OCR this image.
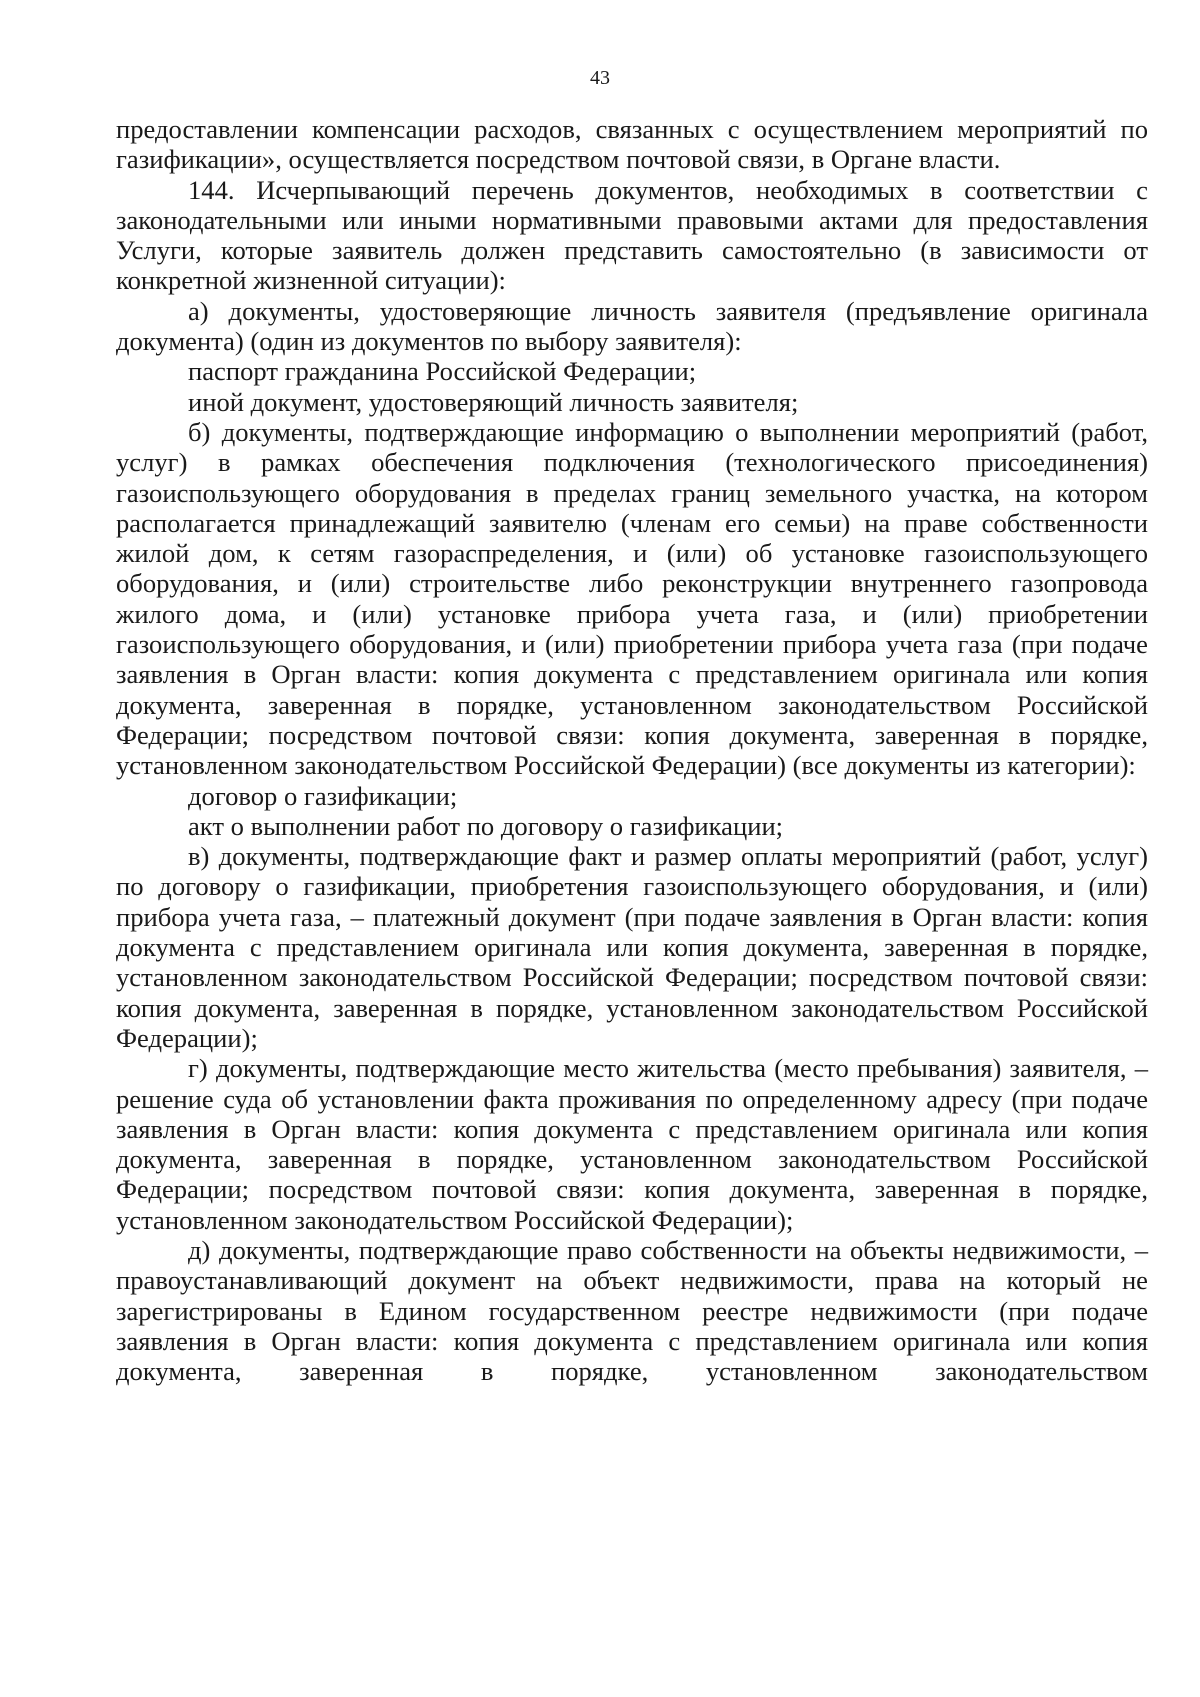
43

предоставлении компенсации расходов, связанных с осуществлением мероприятий по газификации», осуществляется посредством почтовой связи, в Органе власти.

144. Исчерпывающий перечень документов, необходимых в соответствии с законодательными или иными нормативными правовыми актами для предоставления Услуги, которые заявитель должен представить самостоятельно (в зависимости от конкретной жизненной ситуации):

а) документы, удостоверяющие личность заявителя (предъявление оригинала документа) (один из документов по выбору заявителя):

паспорт гражданина Российской Федерации;

иной документ, удостоверяющий личность заявителя;

б) документы, подтверждающие информацию о выполнении мероприятий (работ, услуг) в рамках обеспечения подключения (технологического присоединения) газоиспользующего оборудования в пределах границ земельного участка, на котором располагается принадлежащий заявителю (членам его семьи) на праве собственности жилой дом, к сетям газораспределения, и (или) об установке газоиспользующего оборудования, и (или) строительстве либо реконструкции внутреннего газопровода жилого дома, и (или) установке прибора учета газа, и (или) приобретении газоиспользующего оборудования, и (или) приобретении прибора учета газа (при подаче заявления в Орган власти: копия документа с представлением оригинала или копия документа, заверенная в порядке, установленном законодательством Российской Федерации; посредством почтовой связи: копия документа, заверенная в порядке, установленном законодательством Российской Федерации) (все документы из категории):

договор о газификации;

акт о выполнении работ по договору о газификации;

в) документы, подтверждающие факт и размер оплаты мероприятий (работ, услуг) по договору о газификации, приобретения газоиспользующего оборудования, и (или) прибора учета газа, – платежный документ (при подаче заявления в Орган власти: копия документа с представлением оригинала или копия документа, заверенная в порядке, установленном законодательством Российской Федерации; посредством почтовой связи: копия документа, заверенная в порядке, установленном законодательством Российской Федерации);

г) документы, подтверждающие место жительства (место пребывания) заявителя, – решение суда об установлении факта проживания по определенному адресу (при подаче заявления в Орган власти: копия документа с представлением оригинала или копия документа, заверенная в порядке, установленном законодательством Российской Федерации; посредством почтовой связи: копия документа, заверенная в порядке, установленном законодательством Российской Федерации);

д) документы, подтверждающие право собственности на объекты недвижимости, – правоустанавливающий документ на объект недвижимости, права на который не зарегистрированы в Едином государственном реестре недвижимости (при подаче заявления в Орган власти: копия документа с представлением оригинала или копия документа, заверенная в порядке, установленном законодательством
